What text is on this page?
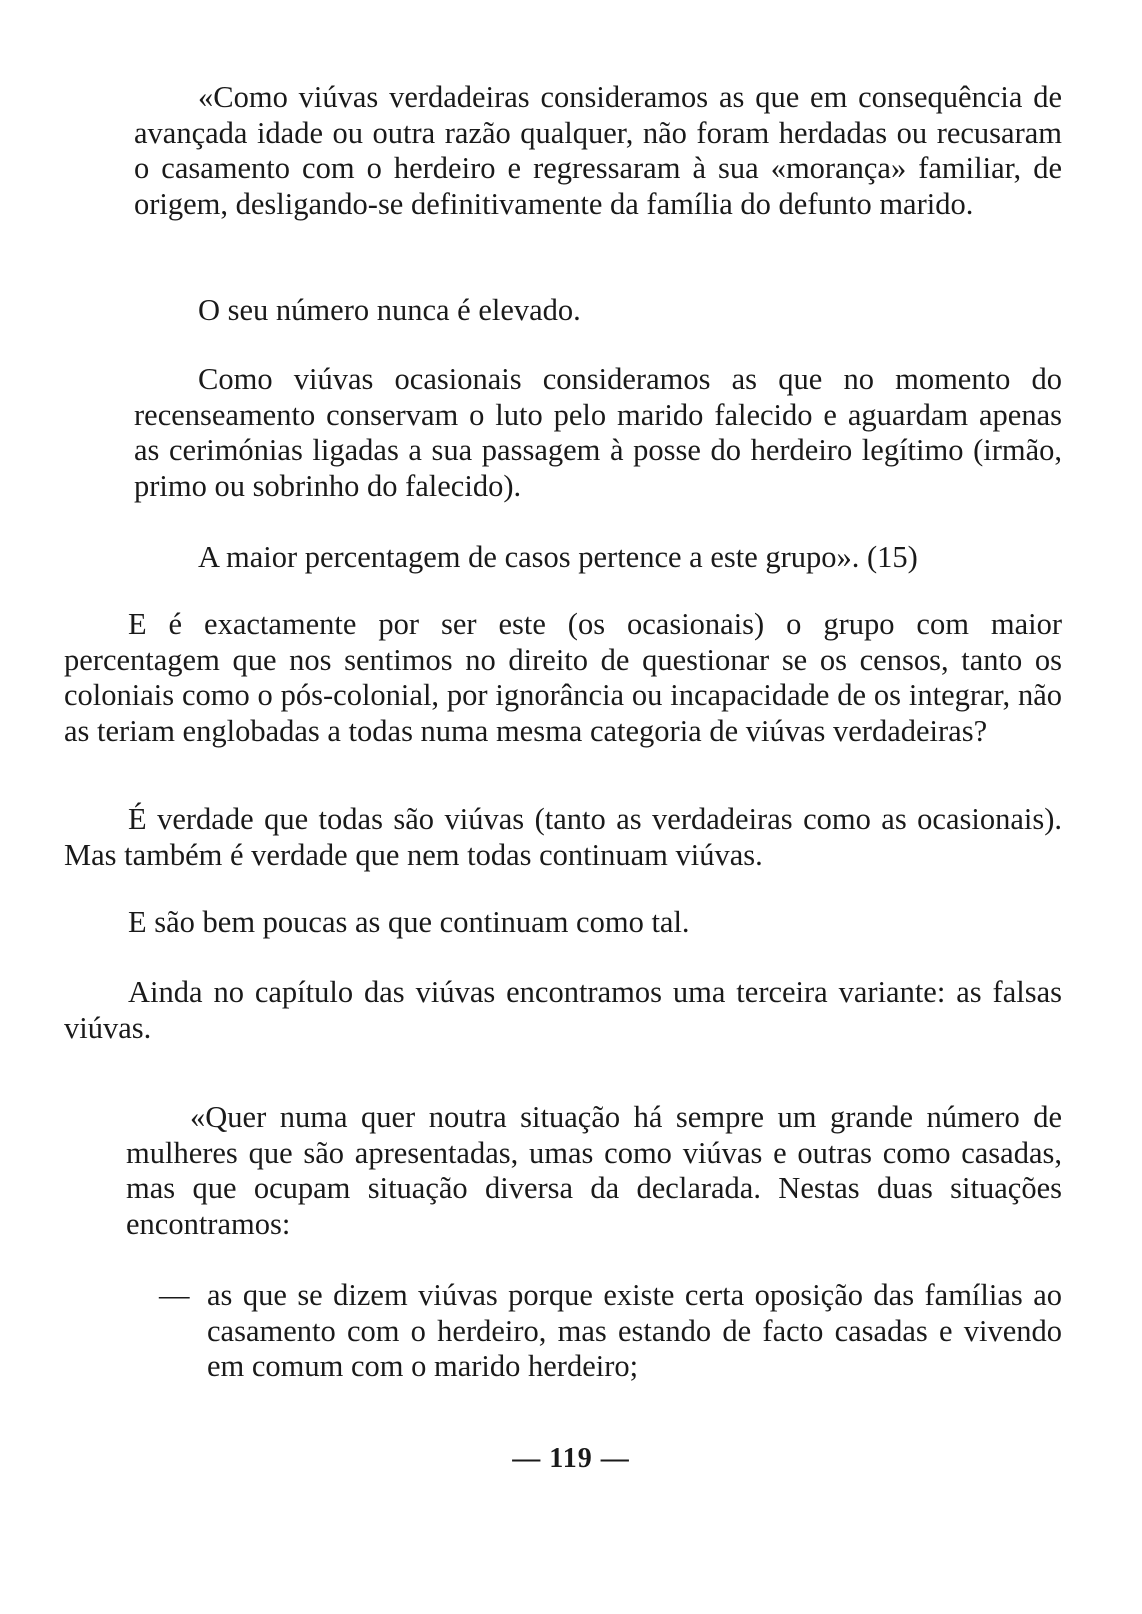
«Como viúvas verdadeiras consideramos as que em consequência de avançada idade ou outra razão qualquer, não foram herdadas ou recusaram o casamento com o herdeiro e regressaram à sua «morança» familiar, de origem, desligando-se definitivamente da família do defunto marido.

O seu número nunca é elevado.

Como viúvas ocasionais consideramos as que no momento do recenseamento conservam o luto pelo marido falecido e aguardam apenas as cerimónias ligadas a sua passagem à posse do herdeiro legítimo (irmão, primo ou sobrinho do falecido).

A maior percentagem de casos pertence a este grupo». (15)

E é exactamente por ser este (os ocasionais) o grupo com maior percentagem que nos sentimos no direito de questionar se os censos, tanto os coloniais como o pós-colonial, por ignorância ou incapacidade de os integrar, não as teriam englobadas a todas numa mesma categoria de viúvas verdadeiras?

É verdade que todas são viúvas (tanto as verdadeiras como as ocasionais). Mas também é verdade que nem todas continuam viúvas.

E são bem poucas as que continuam como tal.

Ainda no capítulo das viúvas encontramos uma terceira variante: as falsas viúvas.

«Quer numa quer noutra situação há sempre um grande número de mulheres que são apresentadas, umas como viúvas e outras como casadas, mas que ocupam situação diversa da declarada. Nestas duas situações encontramos:

— as que se dizem viúvas porque existe certa oposição das famílias ao casamento com o herdeiro, mas estando de facto casadas e vivendo em comum com o marido herdeiro;
— 119 —
